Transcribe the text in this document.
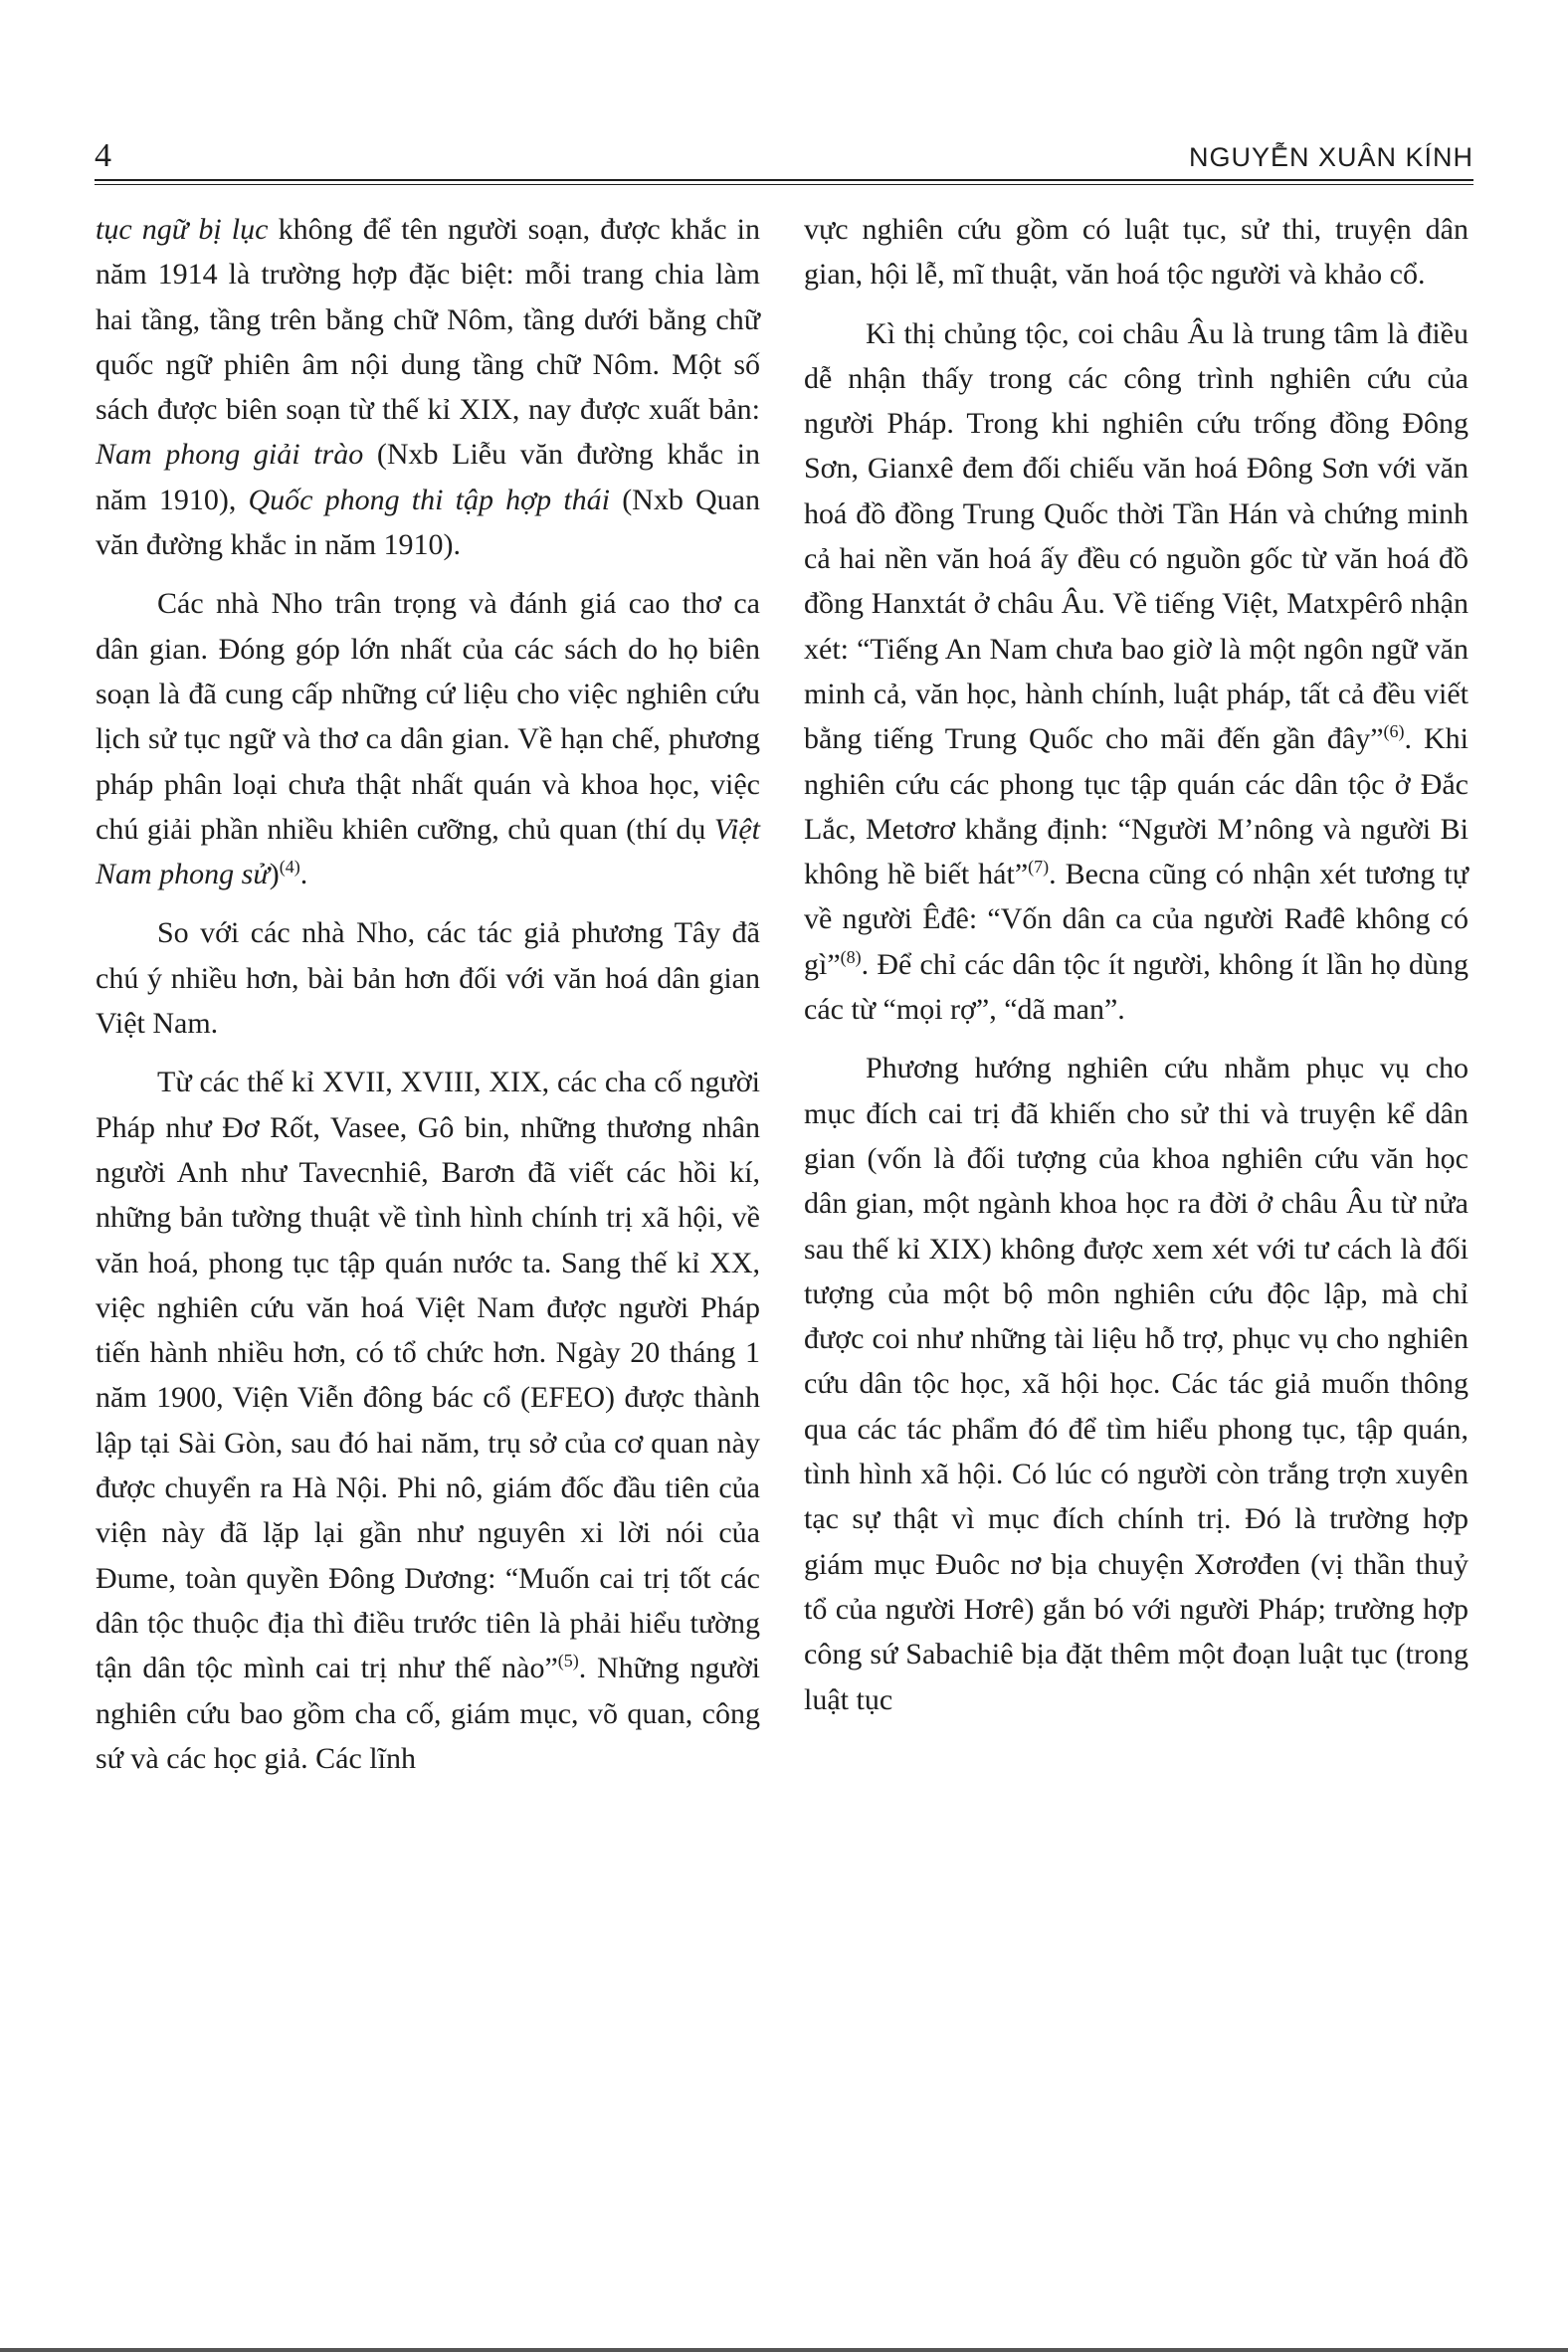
4	NGUYỄN XUÂN KÍNH

tục ngữ bị lục không để tên người soạn, được khắc in năm 1914 là trường hợp đặc biệt: mỗi trang chia làm hai tầng, tầng trên bằng chữ Nôm, tầng dưới bằng chữ quốc ngữ phiên âm nội dung tầng chữ Nôm. Một số sách được biên soạn từ thế kỉ XIX, nay được xuất bản: Nam phong giải trào (Nxb Liễu văn đường khắc in năm 1910), Quốc phong thi tập hợp thái (Nxb Quan văn đường khắc in năm 1910).

Các nhà Nho trân trọng và đánh giá cao thơ ca dân gian. Đóng góp lớn nhất của các sách do họ biên soạn là đã cung cấp những cứ liệu cho việc nghiên cứu lịch sử tục ngữ và thơ ca dân gian. Về hạn chế, phương pháp phân loại chưa thật nhất quán và khoa học, việc chú giải phần nhiều khiên cưỡng, chủ quan (thí dụ Việt Nam phong sử)$^{(4)}$.

So với các nhà Nho, các tác giả phương Tây đã chú ý nhiều hơn, bài bản hơn đối với văn hoá dân gian Việt Nam.

Từ các thế kỉ XVII, XVIII, XIX, các cha cố người Pháp như Đơ Rốt, Vasee, Gô bin, những thương nhân người Anh như Tavecnhiê, Barơn đã viết các hồi kí, những bản tường thuật về tình hình chính trị xã hội, về văn hoá, phong tục tập quán nước ta. Sang thế kỉ XX, việc nghiên cứu văn hoá Việt Nam được người Pháp tiến hành nhiều hơn, có tổ chức hơn. Ngày 20 tháng 1 năm 1900, Viện Viễn đông bác cổ (EFEO) được thành lập tại Sài Gòn, sau đó hai năm, trụ sở của cơ quan này được chuyển ra Hà Nội. Phi nô, giám đốc đầu tiên của viện này đã lặp lại gần như nguyên xi lời nói của Đume, toàn quyền Đông Dương: “Muốn cai trị tốt các dân tộc thuộc địa thì điều trước tiên là phải hiểu tường tận dân tộc mình cai trị như thế nào”$^{(5)}$. Những người nghiên cứu bao gồm cha cố, giám mục, võ quan, công sứ và các học giả. Các lĩnh

vực nghiên cứu gồm có luật tục, sử thi, truyện dân gian, hội lễ, mĩ thuật, văn hoá tộc người và khảo cổ.

Kì thị chủng tộc, coi châu Âu là trung tâm là điều dễ nhận thấy trong các công trình nghiên cứu của người Pháp. Trong khi nghiên cứu trống đồng Đông Sơn, Gianxê đem đối chiếu văn hoá Đông Sơn với văn hoá đồ đồng Trung Quốc thời Tần Hán và chứng minh cả hai nền văn hoá ấy đều có nguồn gốc từ văn hoá đồ đồng Hanxtát ở châu Âu. Về tiếng Việt, Matxpêrô nhận xét: “Tiếng An Nam chưa bao giờ là một ngôn ngữ văn minh cả, văn học, hành chính, luật pháp, tất cả đều viết bằng tiếng Trung Quốc cho mãi đến gần đây”$^{(6)}$. Khi nghiên cứu các phong tục tập quán các dân tộc ở Đắc Lắc, Metơrơ khẳng định: “Người M’nông và người Bi không hề biết hát”$^{(7)}$. Becna cũng có nhận xét tương tự về người Êđê: “Vốn dân ca của người Rađê không có gì”$^{(8)}$. Để chỉ các dân tộc ít người, không ít lần họ dùng các từ “mọi rợ”, “dã man”.

Phương hướng nghiên cứu nhằm phục vụ cho mục đích cai trị đã khiến cho sử thi và truyện kể dân gian (vốn là đối tượng của khoa nghiên cứu văn học dân gian, một ngành khoa học ra đời ở châu Âu từ nửa sau thế kỉ XIX) không được xem xét với tư cách là đối tượng của một bộ môn nghiên cứu độc lập, mà chỉ được coi như những tài liệu hỗ trợ, phục vụ cho nghiên cứu dân tộc học, xã hội học. Các tác giả muốn thông qua các tác phẩm đó để tìm hiểu phong tục, tập quán, tình hình xã hội. Có lúc có người còn trắng trợn xuyên tạc sự thật vì mục đích chính trị. Đó là trường hợp giám mục Đuôc nơ bịa chuyện Xơrơđen (vị thần thuỷ tổ của người Hơrê) gắn bó với người Pháp; trường hợp công sứ Sabachiê bịa đặt thêm một đoạn luật tục (trong luật tục
